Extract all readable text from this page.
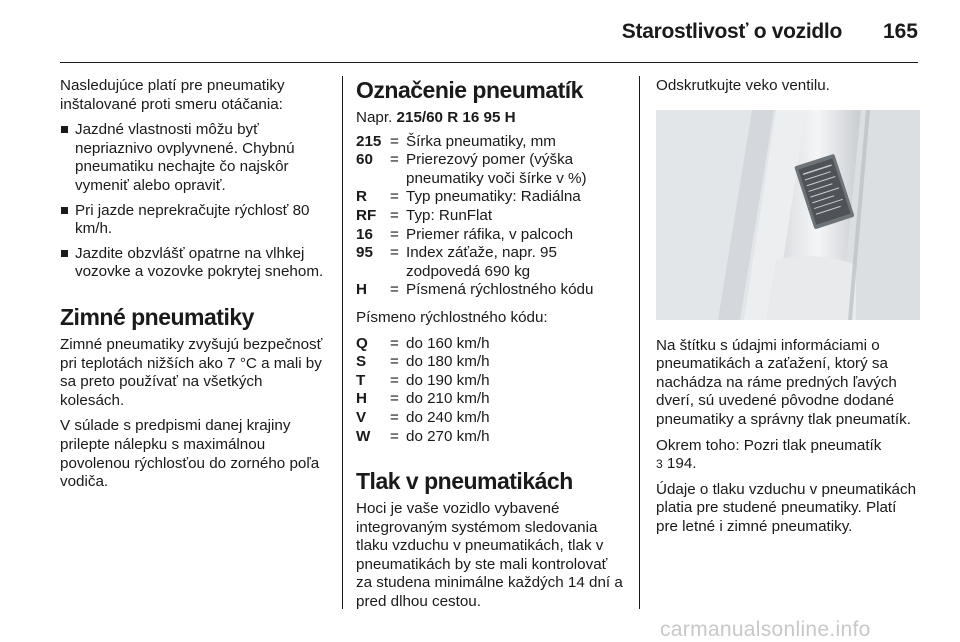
Starostlivosť o vozidlo 165

Nasledujúce platí pre pneumatiky inštalované proti smeru otáčania:

Jazdné vlastnosti môžu byť nepriaznivo ovplyvnené. Chybnú pneumatiku nechajte čo najskôr vymeniť alebo opraviť.
Pri jazde neprekračujte rýchlosť 80 km/h.
Jazdite obzvlášť opatrne na vlhkej vozovke a vozovke pokrytej snehom.
Zimné pneumatiky

Zimné pneumatiky zvyšujú bezpečnosť pri teplotách nižších ako 7 °C a mali by sa preto používať na všetkých kolesách.

V súlade s predpismi danej krajiny prilepte nálepku s maximálnou povolenou rýchlosťou do zorného poľa vodiča.

Označenie pneumatík
Napr. 215/60 R 16 95 H
215 = Šírka pneumatiky, mm
60	= Prierezový pomer (výška pneumatiky voči šírke v %)
R	= Typ pneumatiky: Radiálna
RF = Typ: RunFlat
16	= Priemer ráfika, v palcoch
95	= Index záťaže, napr. 95 zodpovedá 690 kg
H	= Písmená rýchlostného kódu

Písmeno rýchlostného kódu:

Q	= do 160 km/h
S	= do 180 km/h
T	= do 190 km/h
H	= do 210 km/h
V	= do 240 km/h
W	= do 270 km/h
Tlak v pneumatikách

Hoci je vaše vozidlo vybavené integrovaným systémom sledovania tlaku vzduchu v pneumatikách, tlak v pneumatikách by ste mali kontrolovať za studena minimálne každých 14 dní a pred dlhou cestou.

Odskrutkujte veko ventilu.

Na štítku s údajmi informáciami o pneumatikách a zaťažení, ktorý sa nachádza na ráme predných ľavých dverí, sú uvedené pôvodne dodané pneumatiky a správny tlak pneumatík.

Okrem toho: Pozri tlak pneumatík
3 194.

Údaje o tlaku vzduchu v pneumatikách platia pre studené pneumatiky. Platí pre letné i zimné pneumatiky.

carmanualsonline.info
